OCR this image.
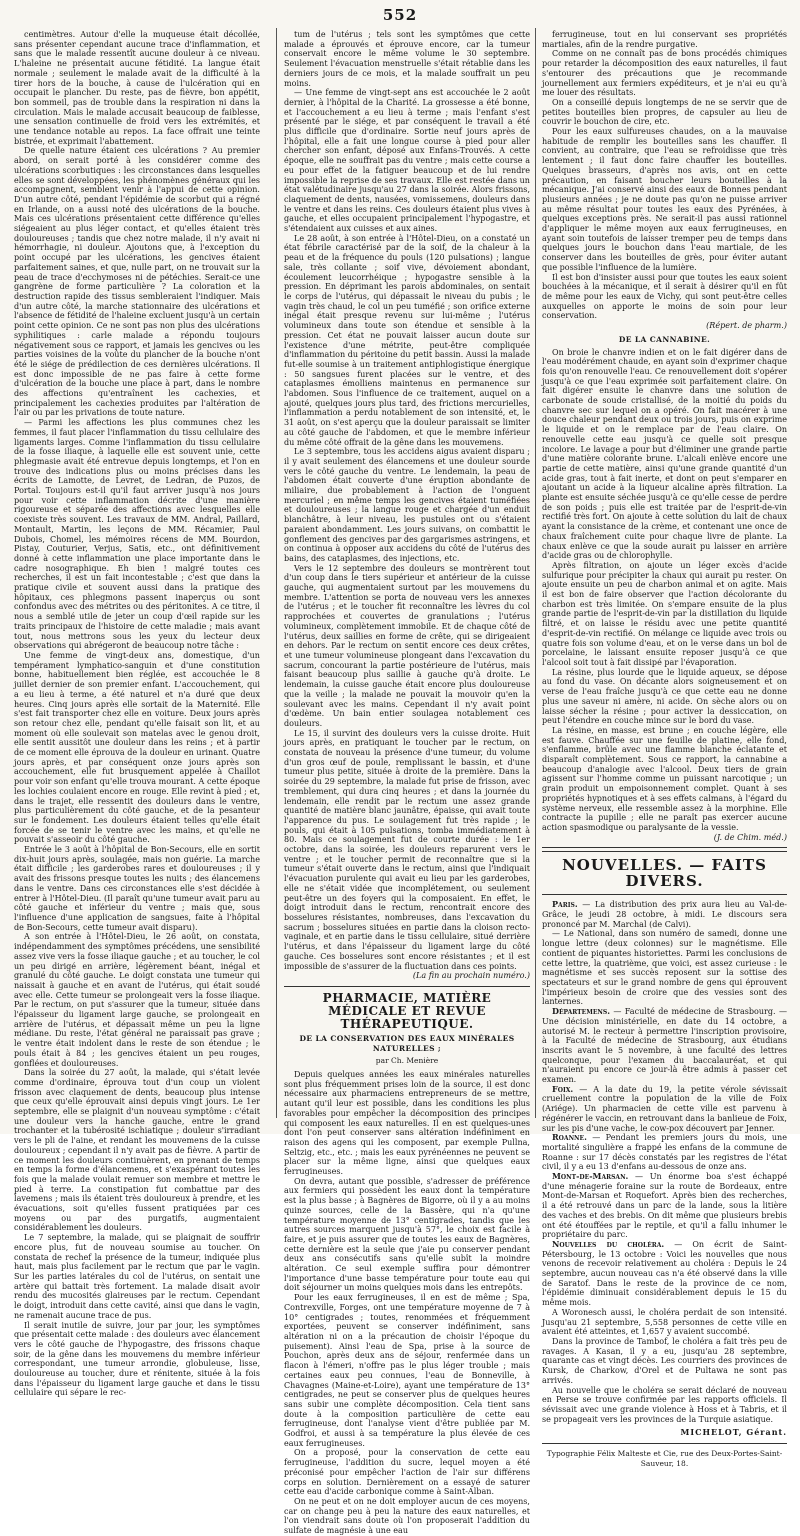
552

centimètres. Autour d'elle la muqueuse était décollée, sans présenter cependant aucune trace d'inflammation, et sans que le malade ressentît aucune douleur à ce niveau. L'haleine ne présentait aucune fétidité. La langue était normale ; seulement le malade avait de la difficulté à la tirer hors de la bouche, à cause de l'ulcération qui en occupait le plancher. Du reste, pas de fièvre, bon appétit, bon sommeil, pas de trouble dans la respiration ni dans la circulation. Mais le malade accusait beaucoup de faiblesse, une sensation continuelle de froid vers les extrémités, et une tendance notable au repos. La face offrait une teinte bistrée, et exprimait l'abattement.

De quelle nature étaient ces ulcérations ? Au premier abord, on serait porté à les considérer comme des ulcérations scorbutiques : les circonstances dans lesquelles elles se sont développées, les phénomènes généraux qui les accompagnent, semblent venir à l'appui de cette opinion. D'un autre côté, pendant l'épidémie de scorbut qui a régné en Irlande, on a aussi noté des ulcérations de la bouche. Mais ces ulcérations présentaient cette différence qu'elles siégeaient au plus léger contact, et qu'elles étaient très douloureuses ; tandis que chez notre malade, il n'y avait ni hémorrhagie, ni douleur. Ajoutons que, à l'exception du point occupé par les ulcérations, les gencives étaient parfaitement saines, et que, nulle part, on ne trouvait sur la peau de trace d'ecchymoses ni de pétéchies. Serait-ce une gangrène de forme particulière ? La coloration et la destruction rapide des tissus sembleraient l'indiquer. Mais d'un autre côté, la marche stationnaire des ulcérations et l'absence de fétidité de l'haleine excluent jusqu'à un certain point cette opinion. Ce ne sont pas non plus des ulcérations syphilitiques : carle malade a répondu toujours négativement sous ce rapport, et jamais les gencives ou les parties voisines de la voûte du plancher de la bouche n'ont été le siége de prédilection de ces dernières ulcérations. Il est donc impossible de ne pas faire à cette forme d'ulcération de la bouche une place à part, dans le nombre des affections qu'entraînent les cachexies, et principalement les cachexies produites par l'altération de l'air ou par les privations de toute nature.

— Parmi les affections les plus communes chez les femmes, il faut placer l'inflammation du tissu cellulaire des ligaments larges. Comme l'inflammation du tissu cellulaire de la fosse iliaque, à laquelle elle est souvent unie, cette phlegmasie avait été entrevue depuis longtemps, et l'on en trouve des indications plus ou moins précises dans les écrits de Lamotte, de Levret, de Ledran, de Puzos, de Portal. Toujours est-il qu'il faut arriver jusqu'à nos jours pour voir cette inflammation décrite d'une manière rigoureuse et séparée des affections avec lesquelles elle coexiste très souvent. Les travaux de MM. Andral, Paillard, Montault, Martin, les leçons de MM. Récamier, Paul Dubois, Chomel, les mémoires récens de MM. Bourdon, Pistay, Couturier, Verjus, Satis, etc., ont définitivement donné à cette inflammation une place importante dans le cadre nosographique. Eh bien ! malgré toutes ces recherches, il est un fait incontestable ; c'est que dans la pratique civile et souvent aussi dans la pratique des hôpitaux, ces phlegmons passent inaperçus ou sont confondus avec des métrites ou des péritonites. A ce titre, il nous a semblé utile de jeter un coup d'œil rapide sur les traits principaux de l'histoire de cette maladie ; mais avant tout, nous mettrons sous les yeux du lecteur deux observations qui abrégeront de beaucoup notre tâche :

Une femme de vingt-deux ans, domestique, d'un tempérament lymphatico-sanguin et d'une constitution bonne, habituellement bien réglée, est accouchée le 8 juillet dernier de son premier enfant. L'accouchement, qui a eu lieu à terme, a été naturel et n'a duré que deux heures. Cinq jours après elle sortait de la Maternité. Elle s'est fait transporter chez elle en voiture. Deux jours après son retour chez elle, pendant qu'elle faisait son lit, et au moment où elle soulevait son matelas avec le genou droit, elle sentit aussitôt une douleur dans les reins ; et à partir de ce moment elle éprouva de la douleur en urinant. Quatre jours après, et par conséquent onze jours après son accouchement, elle fut brusquement appelée à Chaillot pour voir son enfant qu'elle trouva mourant. A cette époque les lochies coulaient encore en rouge. Elle revint à pied ; et, dans le trajet, elle ressentit des douleurs dans le ventre, plus particulièrement du côté gauche, et de la pesanteur sur le fondement. Les douleurs étaient telles qu'elle était forcée de se tenir le ventre avec les mains, et qu'elle ne pouvait s'asseoir du côté gauche.

Entrée le 3 août à l'hôpital de Bon-Secours, elle en sortit dix-huit jours après, soulagée, mais non guérie. La marche était difficile ; les garderobes rares et douloureuses ; il y avait des frissons presque toutes les nuits ; des élancemens dans le ventre. Dans ces circonstances elle s'est décidée à entrer à l'Hôtel-Dieu. (Il paraît qu'une tumeur avait paru au côté gauche et inférieur du ventre ; mais que, sous l'influence d'une application de sangsues, faite à l'hôpital de Bon-Secours, cette tumeur avait disparu).

A son entrée à l'Hôtel-Dieu, le 26 août, on constata, indépendamment des symptômes précédens, une sensibilité assez vive vers la fosse iliaque gauche ; et au toucher, le col un peu dirigé en arrière, légèrement béant, inégal et granulé du côté gauche. Le doigt constata une tumeur qui naissait à gauche et en avant de l'utérus, qui était soudé avec elle. Cette tumeur se prolongeait vers la fosse iliaque. Par le rectum, on put s'assurer que la tumeur, située dans l'épaisseur du ligament large gauche, se prolongeait en arrière de l'utérus, et dépassait même un peu la ligne médiane. Du reste, l'état général ne paraissait pas grave ; le ventre était indolent dans le reste de son étendue ; le pouls était à 84 ; les gencives étaient un peu rouges, gonflées et douloureuses.

Dans la soirée du 27 août, la malade, qui s'était levée comme d'ordinaire, éprouva tout d'un coup un violent frisson avec claquement de dents, beaucoup plus intense que ceux qu'elle éprouvait ainsi depuis vingt jours. Le 1er septembre, elle se plaignit d'un nouveau symptôme : c'était une douleur vers la hanche gauche, entre le grand trochanter et la tubérosité ischiatique ; douleur s'irradiant vers le pli de l'aine, et rendant les mouvemens de la cuisse douloureux ; cependant il n'y avait pas de fièvre. A partir de ce moment les douleurs continuèrent, en prenant de temps en temps la forme d'élancemens, et s'exaspérant toutes les fois que la malade voulait remuer son membre et mettre le pied à terre. La constipation fut combattue par des lavemens ; mais ils étaient très douloureux à prendre, et les évacuations, soit qu'elles fussent pratiquées par ces moyens ou par des purgatifs, augmentaient considérablement les douleurs.

Le 7 septembre, la malade, qui se plaignait de souffrir encore plus, fut de nouveau soumise au toucher. On constata de rechef la présence de la tumeur, indiquée plus haut, mais plus facilement par le rectum que par le vagin. Sur les parties latérales du col de l'utérus, on sentait une artère qui battait très fortement. La malade disait avoir rendu des mucosités glaireuses par le rectum. Cependant le doigt, introduit dans cette cavité, ainsi que dans le vagin, ne ramenait aucune trace de pus.

Il serait inutile de suivre, jour par jour, les symptômes que présentait cette malade : des douleurs avec élancement vers le côté gauche de l'hypogastre, des frissons chaque soir, de la gêne dans les mouvemens du membre inférieur correspondant, une tumeur arrondie, globuleuse, lisse, douloureuse au toucher, dure et rénitente, située à la fois dans l'épaisseur du ligament large gauche et dans le tissu cellulaire qui sépare le rec-

tum de l'utérus ; tels sont les symptômes que cette malade a éprouvés et éprouve encore, car la tumeur conservait encore le même volume le 30 septembre. Seulement l'évacuation menstruelle s'était rétablie dans les derniers jours de ce mois, et la malade souffrait un peu moins.

— Une femme de vingt-sept ans est accouchée le 2 août dernier, à l'hôpital de la Charité. La grossesse a été bonne, et l'accouchement a eu lieu à terme ; mais l'enfant s'est présenté par le siége, et par conséquent le travail a été plus difficile que d'ordinaire. Sortie neuf jours après de l'hôpital, elle a fait une longue course à pied pour aller chercher son enfant, déposé aux Enfans-Trouvés. A cette époque, elle ne souffrait pas du ventre ; mais cette course a eu pour effet de la fatiguer beaucoup et de lui rendre impossible la reprise de ses travaux. Elle est restée dans un état valétudinaire jusqu'au 27 dans la soirée. Alors frissons, claquement de dents, nausées, vomissemens, douleurs dans le ventre et dans les reins. Ces douleurs étaient plus vives à gauche, et elles occupaient principalement l'hypogastre, et s'étendaient aux cuisses et aux aines.

Le 28 août, à son entrée à l'Hôtel-Dieu, on a constaté un état fébrile caractérisé par de la soif, de la chaleur à la peau et de la fréquence du pouls (120 pulsations) ; langue sale, très collante ; soif vive, dévoiement abondant, écoulement leucorrhéique ; hypogastre sensible à la pression. En déprimant les parois abdominales, on sentait le corps de l'utérus, qui dépassait le niveau du pubis ; le vagin très chaud, le col un peu tuméfié ; son orifice externe inégal était presque revenu sur lui-même ; l'utérus volumineux dans toute son étendue et sensible à la pression. Cet état ne pouvait laisser aucun doute sur l'existence d'une métrite, peut-être compliquée d'inflammation du péritoine du petit bassin. Aussi la malade fut-elle soumise à un traitement antiphlogistique énergique : 50 sangsues furent placées sur le ventre, et des cataplasmes émolliens maintenus en permanence sur l'abdomen. Sous l'influence de ce traitement, auquel on a ajouté, quelques jours plus tard, des frictions mercurielles, l'inflammation a perdu notablement de son intensité, et, le 31 août, on s'est aperçu que la douleur paraissait se limiter au côté gauche de l'abdomen, et que le membre inférieur du même côté offrait de la gêne dans les mouvemens.

Le 3 septembre, tous les accidens aigus avaient disparu ; il y avait seulement des élancemens et une douleur sourde vers le côté gauche du ventre. Le lendemain, la peau de l'abdomen était couverte d'une éruption abondante de miliaire, due probablement à l'action de l'onguent mercuriel ; en même temps les gencives étaient tuméfiées et douloureuses ; la langue rouge et chargée d'un enduit blanchâtre, à leur niveau, les pustules ont ou s'étaient paraient abondamment. Les jours suivans, on combattit le gonflement des gencives par des gargarismes astringens, et on continua à opposer aux accidens du côté de l'utérus des bains, des cataplasmes, des injections, etc.

Vers le 12 septembre des douleurs se montrèrent tout d'un coup dans le tiers supérieur et antérieur de la cuisse gauche, qui augmentaient surtout par les mouvemens du membre. L'attention se porta de nouveau vers les annexes de l'utérus ; et le toucher fit reconnaître les lèvres du col rapprochées et couvertes de granulations ; l'utérus volumineux, complètement immobile. Et de chaque côté de l'utérus, deux saillies en forme de crête, qui se dirigeaient en dehors. Par le rectum on sentit encore ces deux crêtes, et une tumeur volumineuse plongeant dans l'excavation du sacrum, concourant la partie postérieure de l'utérus, mais faisant beaucoup plus saillie à gauche qu'à droite. Le lendemain, la cuisse gauche était encore plus douloureuse que la veille ; la malade ne pouvait la mouvoir qu'en la soulevant avec les mains. Cependant il n'y avait point d'œdème. Un bain entier soulagea notablement ces douleurs.

Le 15, il survint des douleurs vers la cuisse droite. Huit jours après, en pratiquant le toucher par le rectum, on constata de nouveau la présence d'une tumeur, du volume d'un gros œuf de poule, remplissant le bassin, et d'une tumeur plus petite, située à droite de la première. Dans la soirée du 29 septembre, la malade fut prise de frisson, avec tremblement, qui dura cinq heures ; et dans la journée du lendemain, elle rendit par le rectum une assez grande quantité de matière blanc jaunâtre, épaisse, qui avait toute l'apparence du pus. Le soulagement fut très rapide ; le pouls, qui était à 105 pulsations, tomba immédiatement à 80. Mais ce soulagement fut de courte durée : le 1er octobre, dans la soirée, les douleurs reparurent vers le ventre ; et le toucher permit de reconnaître que si la tumeur s'était ouverte dans le rectum, ainsi que l'indiquait l'évacuation purulente qui avait eu lieu par les garderobes, elle ne s'était vidée que incomplétement, ou seulement peut-être un des foyers qui la composaient. En effet, le doigt introduit dans le rectum, rencontrait encore des bosselures résistantes, nombreuses, dans l'excavation du sacrum ; bosselures situées en partie dans la cloison recto-vaginale, et en partie dans le tissu cellulaire, situé derrière l'utérus, et dans l'épaisseur du ligament large du côté gauche. Ces bosselures sont encore résistantes ; et il est impossible de s'assurer de la fluctuation dans ces points.

(La fin au prochain numéro.)
PHARMACIE, MATIÈRE MÉDICALE ET REVUE THÉRAPEUTIQUE.
DE LA CONSERVATION DES EAUX MINÉRALES NATURELLES ;
par Ch. Menière

Depuis quelques années les eaux minérales naturelles sont plus fréquemment prises loin de la source, il est donc nécessaire aux pharmaciens entrepreneurs de se mettre, autant qu'il leur est possible, dans les conditions les plus favorables pour empêcher la décomposition des principes qui composent les eaux naturelles. Il en est quelques-unes dont l'on peut conserver sans altération indéfiniment en raison des agens qui les composent, par exemple Pullna, Seltzig, etc., etc. ; mais les eaux pyrénéennes ne peuvent se placer sur la même ligne, ainsi que quelques eaux ferrugineuses.

On devra, autant que possible, s'adresser de préférence aux fermiers qui possèdent les eaux dont la température est la plus basse ; à Bagnères de Bigorre, où il y a au moins quinze sources, celle de la Bassère, qui n'a qu'une température moyenne de 13° centigrades, tandis que les autres sources marquent jusqu'à 57°, le choix est facile à faire, et je puis assurer que de toutes les eaux de Bagnères, cette dernière est la seule que j'aie pu conserver pendant deux ans consécutifs sans qu'elle subît la moindre altération. Ce seul exemple suffira pour démontrer l'importance d'une basse température pour toute eau qui doit séjourner un moins quelques mois dans les entrepôts.

Pour les eaux ferrugineuses, il en est de même ; Spa, Contrexville, Forges, ont une température moyenne de 7 à 10° centigrades ; toutes, renommées et fréquemment exportées, peuvent se conserver indéfiniment, sans altération ni on a la précaution de choisir l'époque du puisement). Ainsi l'eau de Spa, prise à la source de Pouchon, après deux ans de séjour, renfermée dans un flacon à l'émeri, n'offre pas le plus léger trouble ; mais certaines eaux peu connues, l'eau de Bonneville, à Chavagnes (Maine-et-Loire), ayant une température de 13° centigrades, ne peut se conserver plus de quelques heures sans subir une complète décomposition. Cela tient sans doute à la composition particulière de cette eau ferrugineuse, dont l'analyse vient d'être publiée par M. Godfroi, et aussi à sa température la plus élevée de ces eaux ferrugineuses.

On a proposé, pour la conservation de cette eau ferrugineuse, l'addition du sucre, lequel moyen a été préconisé pour empêcher l'action de l'air sur différens corps en solution. Dernièrement on a essayé de saturer cette eau d'acide carbonique comme à Saint-Alban.

On ne peut et on ne doit employer aucun de ces moyens, car on change peu à peu la nature des eaux naturelles, et l'on viendrait sans doute où l'on proposerait l'addition du sulfate de magnésie à une eau

ferrugineuse, tout en lui conservant ses propriétés martiales, afin de la rendre purgative.

Comme on ne connaît pas de bons procédés chimiques pour retarder la décomposition des eaux naturelles, il faut s'entourer des précautions que je recommande journellement aux fermiers expéditeurs, et je n'ai eu qu'à me louer des résultats.

On a conseillé depuis longtemps de ne se servir que de petites bouteilles bien propres, de capsuler au lieu de couvrir le bouchon de cire, etc.

Pour les eaux sulfureuses chaudes, on a la mauvaise habitude de remplir les bouteilles sans les chauffer. Il convient, au contraire, que l'eau se refroidisse que très lentement ; il faut donc faire chauffer les bouteilles. Quelques brasseurs, d'après nos avis, ont en cette précaution, en faisant boucher leurs bouteilles à la mécanique. J'ai conservé ainsi des eaux de Bonnes pendant plusieurs années ; je ne doute pas qu'on ne puisse arriver au même résultat pour toutes les eaux des Pyrénées, à quelques exceptions près. Ne serait-il pas aussi rationnel d'appliquer le même moyen aux eaux ferrugineuses, en ayant soin toutefois de laisser tremper peu de temps dans quelques jours le bouchon dans l'eau martiale, de les conserver dans les bouteilles de grès, pour éviter autant que possible l'influence de la lumière.

Il est bon d'insister aussi pour que toutes les eaux soient bouchées à la mécanique, et il serait à désirer qu'il en fût de même pour les eaux de Vichy, qui sont peut-être celles auxquelles on apporte le moins de soin pour leur conservation.

(Répert. de pharm.)
DE LA CANNABINE.

On broie le chanvre indien et on le fait digérer dans de l'eau modérément chaude, en ayant soin d'exprimer chaque fois qu'on renouvelle l'eau. Ce renouvellement doit s'opérer jusqu'à ce que l'eau exprimée soit parfaitement claire. On fait digérer ensuite le chanvre dans une solution de carbonate de soude cristallisé, de la moitié du poids du chanvre sec sur lequel on a opéré. On fait macérer à une douce chaleur pendant deux ou trois jours, puis on exprime le liquide et on le remplace par de l'eau claire. On renouvelle cette eau jusqu'à ce quelle soit presque incolore. Le lavage a pour but d'éliminer une grande partie d'une matière colorante brune. L'alcali enlève encore une partie de cette matière, ainsi qu'une grande quantité d'un acide gras, tout à fait inerte, et dont on peut s'emparer en ajoutant un acide à la liqueur alcaline après filtration. La plante est ensuite séchée jusqu'à ce qu'elle cesse de perdre de son poids ; puis elle est traitée par de l'esprit-de-vin rectifié très fort. On ajoute à cette solution du lait de chaux ayant la consistance de la crème, et contenant une once de chaux fraîchement cuite pour chaque livre de plante. La chaux enlève ce que la soude aurait pu laisser en arrière d'acide gras ou de chlorophylle.

Après filtration, on ajoute un léger excès d'acide sulfurique pour précipiter la chaux qui aurait pu rester. On ajoute ensuite un peu de charbon animal et on agite. Mais il est bon de faire observer que l'action décolorante du charbon est très limitée. On s'empare ensuite de la plus grande partie de l'esprit-de-vin par la distillation du liquide filtré, et on laisse le résidu avec une petite quantité d'esprit-de-vin rectifié. On mélange ce liquide avec trois ou quatre fois son volume d'eau, et on le verse dans un bol de porcelaine, le laissant ensuite reposer jusqu'à ce que l'alcool soit tout à fait dissipé par l'évaporation.

La résine, plus lourde que le liquide aqueux, se dépose au fond du vase. On décante alors soigneusement et on verse de l'eau fraîche jusqu'à ce que cette eau ne donne plus une saveur ni amère, ni acide. On sèche alors ou on laisse sécher la résine ; pour activer la dessiccation, on peut l'étendre en couche mince sur le bord du vase.

La résine, en masse, est brune ; en couche légère, elle est fauve. Chauffée sur une feuille de platine, elle fond, s'enflamme, brûle avec une flamme blanche éclatante et disparaît complètement. Sous ce rapport, la cannabine a beaucoup d'analogie avec l'alcool. Deux tiers de grain agissent sur l'homme comme un puissant narcotique ; un grain produit un empoisonnement complet. Quant à ses propriétés hypnotiques et à ses effets calmans, à l'égard du système nerveux, elle ressemble assez à la morphine. Elle contracte la pupille ; elle ne paraît pas exercer aucune action spasmodique ou paralysante de la vessie.

(J. de Chim. méd.)
NOUVELLES. — FAITS DIVERS.

Paris. — La distribution des prix aura lieu au Val-de-Grâce, le jeudi 28 octobre, à midi. Le discours sera prononcé par M. Marchal (de Calvi).

— Le National, dans son numéro de samedi, donne une longue lettre (deux colonnes) sur le magnétisme. Elle contient de piquantes historiettes. Parmi les conclusions de cette lettre, la quatrième, que voici, est assez curieuse : le magnétisme et ses succès reposent sur la sottise des spectateurs et sur le grand nombre de gens qui éprouvent l'impérieux besoin de croire que des vessies sont des lanternes.

Départemens. — Faculté de médecine de Strasbourg. — Une décision ministérielle, en date du 14 octobre, a autorisé M. le recteur à permettre l'inscription provisoire, à la Faculté de médecine de Strasbourg, aux étudians inscrits avant le 5 novembre, à une faculté des lettres quelconque, pour l'examen du baccalauréat, et qui n'auraient pu encore ce jour-là être admis à passer cet examen.

Foix. — A la date du 19, la petite vérole sévissait cruellement contre la population de la ville de Foix (Ariége). Un pharmacien de cette ville est parvenu à régénérer le vaccin, en retrouvant dans la banlieue de Foix, sur les pis d'une vache, le cow-pox découvert par Jenner.

Roanne. — Pendant les premiers jours du mois, une mortalité singulière a frappé les enfans de la commune de Roanne : sur 17 décès constatés par les registres de l'état civil, il y a eu 13 d'enfans au-dessous de onze ans.

Mont-de-Marsan. — Un énorme boa s'est échappé d'une ménagerie foraine sur la route de Bordeaux, entre Mont-de-Marsan et Roquefort. Après bien des recherches, il a été retrouvé dans un parc de la lande, sous la litière des vaches et des brebis. On dit même que plusieurs brebis ont été étouffées par le reptile, et qu'il a fallu inhumer le propriétaire du parc.

Nouvelles du choléra. — On écrit de Saint-Pétersbourg, le 13 octobre : Voici les nouvelles que nous venons de recevoir relativement au choléra : Depuis le 24 septembre, aucun nouveau cas n'a été observé dans la ville de Saratof. Dans le reste de la province de ce nom, l'épidémie diminuait considérablement depuis le 15 du même mois.

A Woronesch aussi, le choléra perdait de son intensité. Jusqu'au 21 septembre, 5,558 personnes de cette ville en avaient été atteintes, et 1,657 y avaient succombé.

Dans la province de Tambof, le choléra a fait très peu de ravages. A Kasan, il y a eu, jusqu'au 28 septembre, quarante cas et vingt décès. Les courriers des provinces de Kursk, de Charkow, d'Orel et de Pultawa ne sont pas arrivés.

Au nouvelle que le choléra se serait déclaré de nouveau en Perse se trouve confirmée par les rapports officiels. Il sévissait avec une grande violence à Hoss et à Tabris, et il se propageait vers les provinces de la Turquie asiatique.

MICHELOT, Gérant.
Typographie Félix Malteste et Cie, rue des Deux-Portes-Saint-Sauveur, 18.
